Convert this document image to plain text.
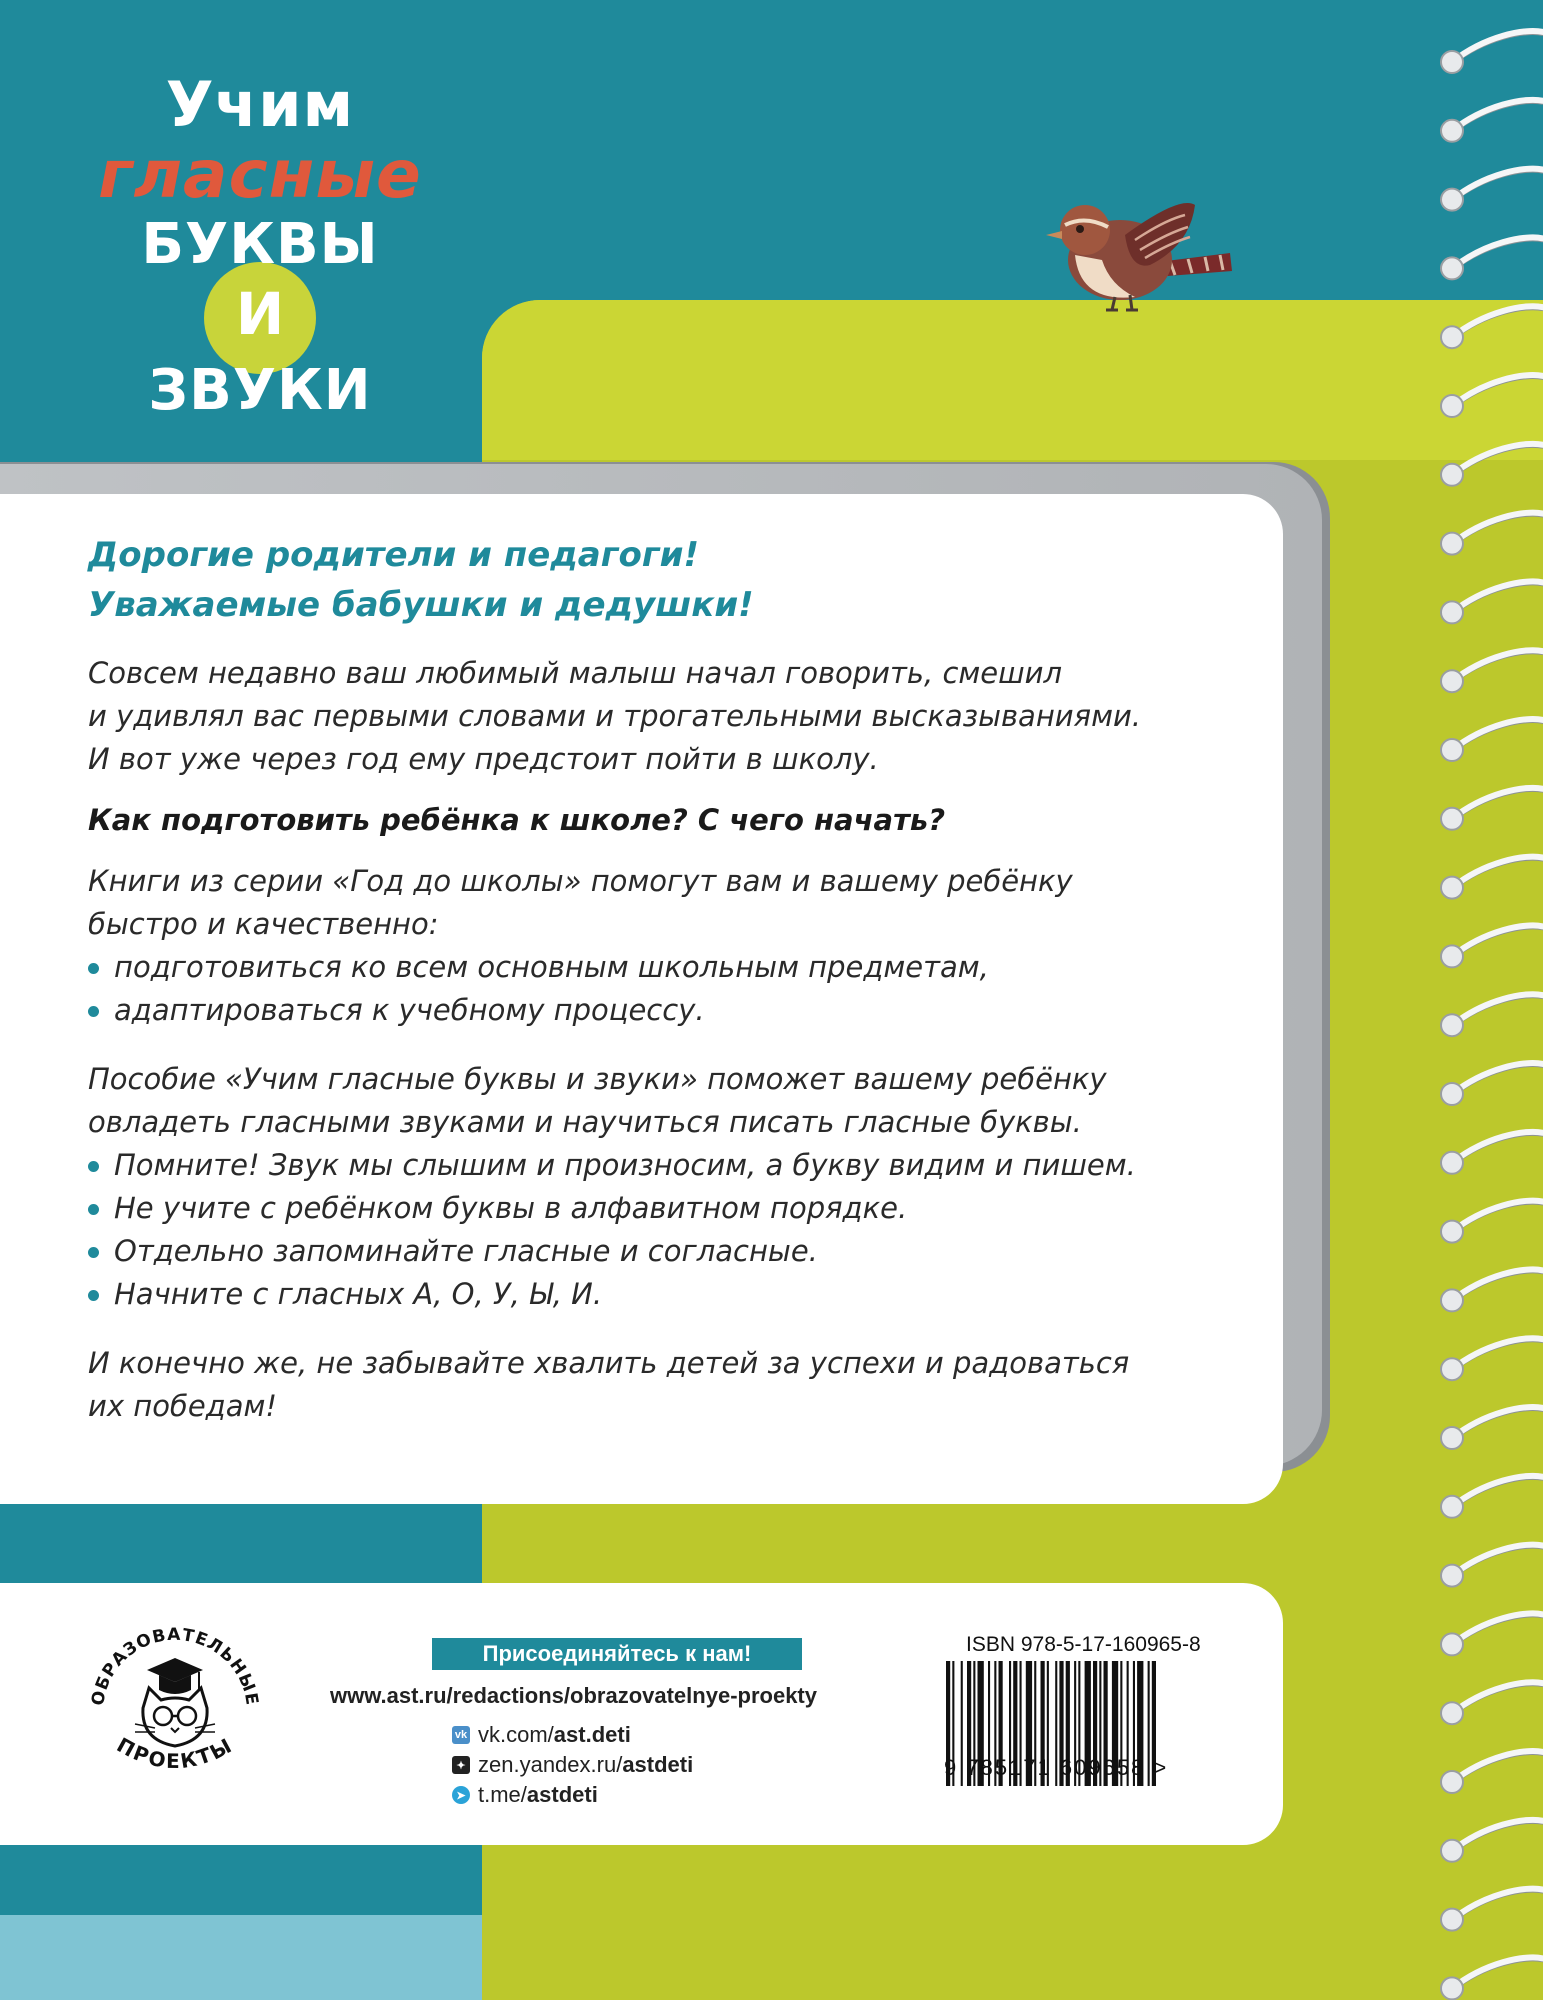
Учим
гласные
БУКВЫ
И
ЗВУКИ
Дорогие родители и педагоги!
Уважаемые бабушки и дедушки!
Совсем недавно ваш любимый малыш начал говорить, смешил
и удивлял вас первыми словами и трогательными высказываниями.
И вот уже через год ему предстоит пойти в школу.
Как подготовить ребёнка к школе? С чего начать?
Книги из серии «Год до школы» помогут вам и вашему ребёнку
быстро и качественно:
подготовиться ко всем основным школьным предметам,
адаптироваться к учебному процессу.
Пособие «Учим гласные буквы и звуки» поможет вашему ребёнку
овладеть гласными звуками и научиться писать гласные буквы.
Помните! Звук мы слышим и произносим, а букву видим и пишем.
Не учите с ребёнком буквы в алфавитном порядке.
Отдельно запоминайте гласные и согласные.
Начните с гласных А, О, У, Ы, И.
И конечно же, не забывайте хвалить детей за успехи и радоваться
их победам!
ОБРАЗОВАТЕЛЬНЫЕ
ПРОЕКТЫ
Присоединяйтесь к нам!
www.ast.ru/redactions/obrazovatelnye-proekty
vk vk.com/ ast.deti
✦ zen.yandex.ru/ astdeti
➤ t.me/ astdeti
ISBN 978-5-17-160965-8
9 785171 609658 >
